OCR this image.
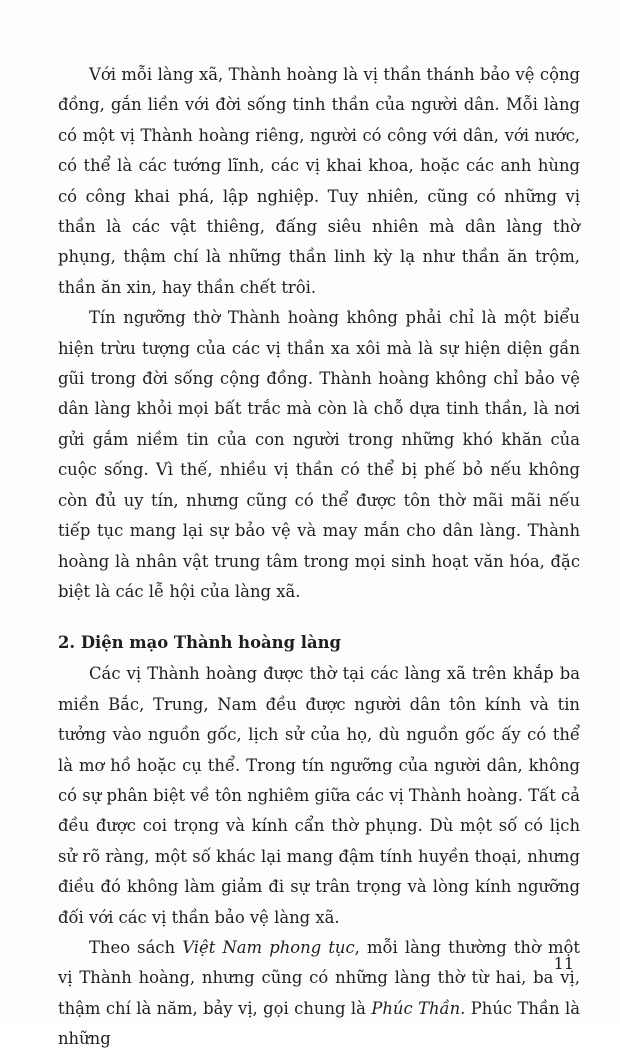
Với mỗi làng xã, Thành hoàng là vị thần thánh bảo vệ cộng đồng, gắn liền với đời sống tinh thần của người dân. Mỗi làng có một vị Thành hoàng riêng, người có công với dân, với nước, có thể là các tướng lĩnh, các vị khai khoa, hoặc các anh hùng có công khai phá, lập nghiệp. Tuy nhiên, cũng có những vị thần là các vật thiêng, đấng siêu nhiên mà dân làng thờ phụng, thậm chí là những thần linh kỳ lạ như thần ăn trộm, thần ăn xin, hay thần chết trôi.

Tín ngưỡng thờ Thành hoàng không phải chỉ là một biểu hiện trừu tượng của các vị thần xa xôi mà là sự hiện diện gần gũi trong đời sống cộng đồng. Thành hoàng không chỉ bảo vệ dân làng khỏi mọi bất trắc mà còn là chỗ dựa tinh thần, là nơi gửi gắm niềm tin của con người trong những khó khăn của cuộc sống. Vì thế, nhiều vị thần có thể bị phế bỏ nếu không còn đủ uy tín, nhưng cũng có thể được tôn thờ mãi mãi nếu tiếp tục mang lại sự bảo vệ và may mắn cho dân làng. Thành hoàng là nhân vật trung tâm trong mọi sinh hoạt văn hóa, đặc biệt là các lễ hội của làng xã.

2. Diện mạo Thành hoàng làng

Các vị Thành hoàng được thờ tại các làng xã trên khắp ba miền Bắc, Trung, Nam đều được người dân tôn kính và tin tưởng vào nguồn gốc, lịch sử của họ, dù nguồn gốc ấy có thể là mơ hồ hoặc cụ thể. Trong tín ngưỡng của người dân, không có sự phân biệt về tôn nghiêm giữa các vị Thành hoàng. Tất cả đều được coi trọng và kính cẩn thờ phụng. Dù một số có lịch sử rõ ràng, một số khác lại mang đậm tính huyền thoại, nhưng điều đó không làm giảm đi sự trân trọng và lòng kính ngưỡng đối với các vị thần bảo vệ làng xã.

Theo sách Việt Nam phong tục, mỗi làng thường thờ một vị Thành hoàng, nhưng cũng có những làng thờ từ hai, ba vị, thậm chí là năm, bảy vị, gọi chung là Phúc Thần. Phúc Thần là những

11
